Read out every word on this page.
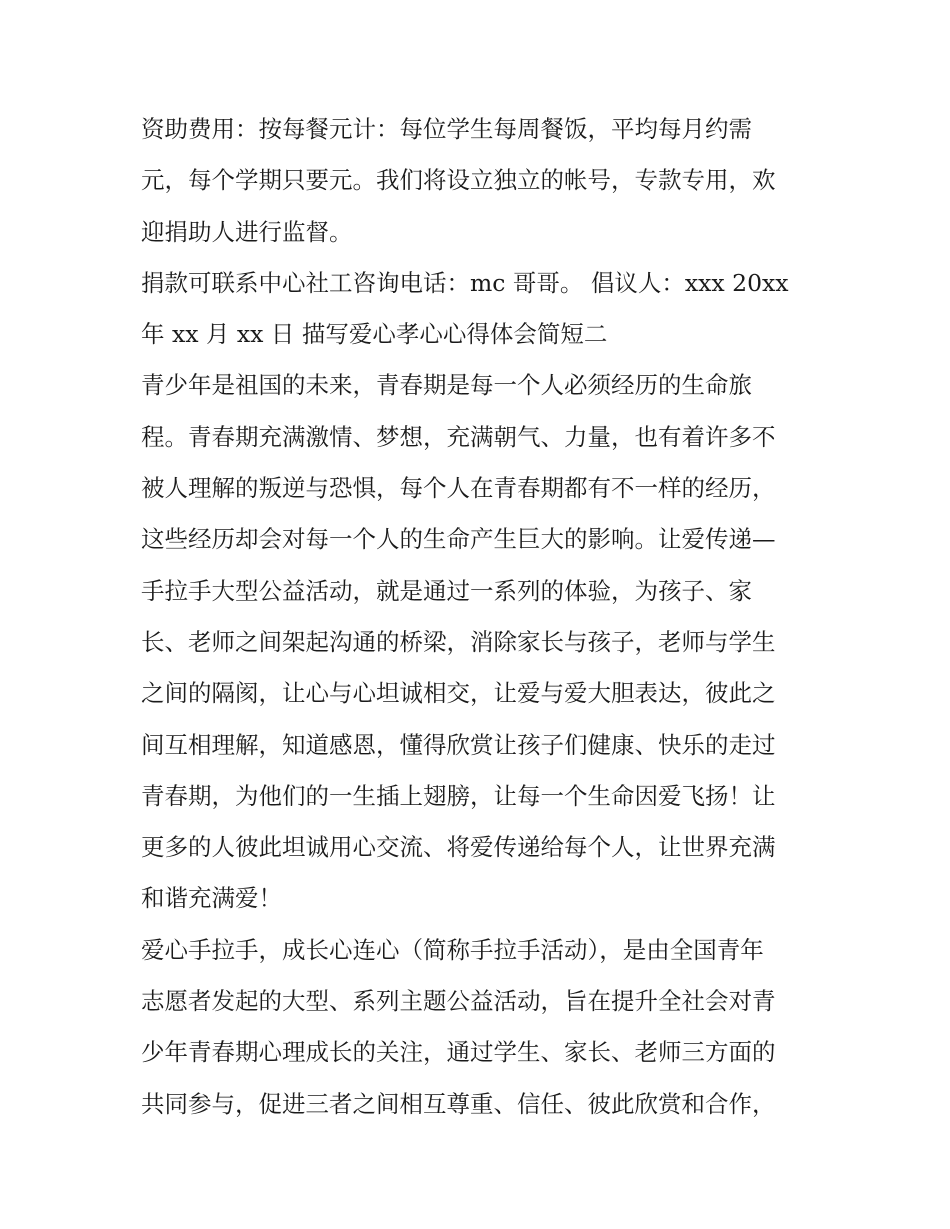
资助费用：按每餐元计：每位学生每周餐饭，平均每月约需
元，每个学期只要元。我们将设立独立的帐号，专款专用，欢
迎捐助人进行监督。
捐款可联系中心社工咨询电话：mc 哥哥。 倡议人：xxx 20xx
年 xx 月 xx 日 描写爱心孝心心得体会简短二
青少年是祖国的未来，青春期是每一个人必须经历的生命旅
程。青春期充满激情、梦想，充满朝气、力量，也有着许多不
被人理解的叛逆与恐惧，每个人在青春期都有不一样的经历，
这些经历却会对每一个人的生命产生巨大的影响。让爱传递—
手拉手大型公益活动，就是通过一系列的体验，为孩子、家
长、老师之间架起沟通的桥梁，消除家长与孩子，老师与学生
之间的隔阂，让心与心坦诚相交，让爱与爱大胆表达，彼此之
间互相理解，知道感恩，懂得欣赏让孩子们健康、快乐的走过
青春期，为他们的一生插上翅膀，让每一个生命因爱飞扬！让
更多的人彼此坦诚用心交流、将爱传递给每个人，让世界充满
和谐充满爱！
爱心手拉手，成长心连心（简称手拉手活动），是由全国青年
志愿者发起的大型、系列主题公益活动，旨在提升全社会对青
少年青春期心理成长的关注，通过学生、家长、老师三方面的
共同参与，促进三者之间相互尊重、信任、彼此欣赏和合作，
